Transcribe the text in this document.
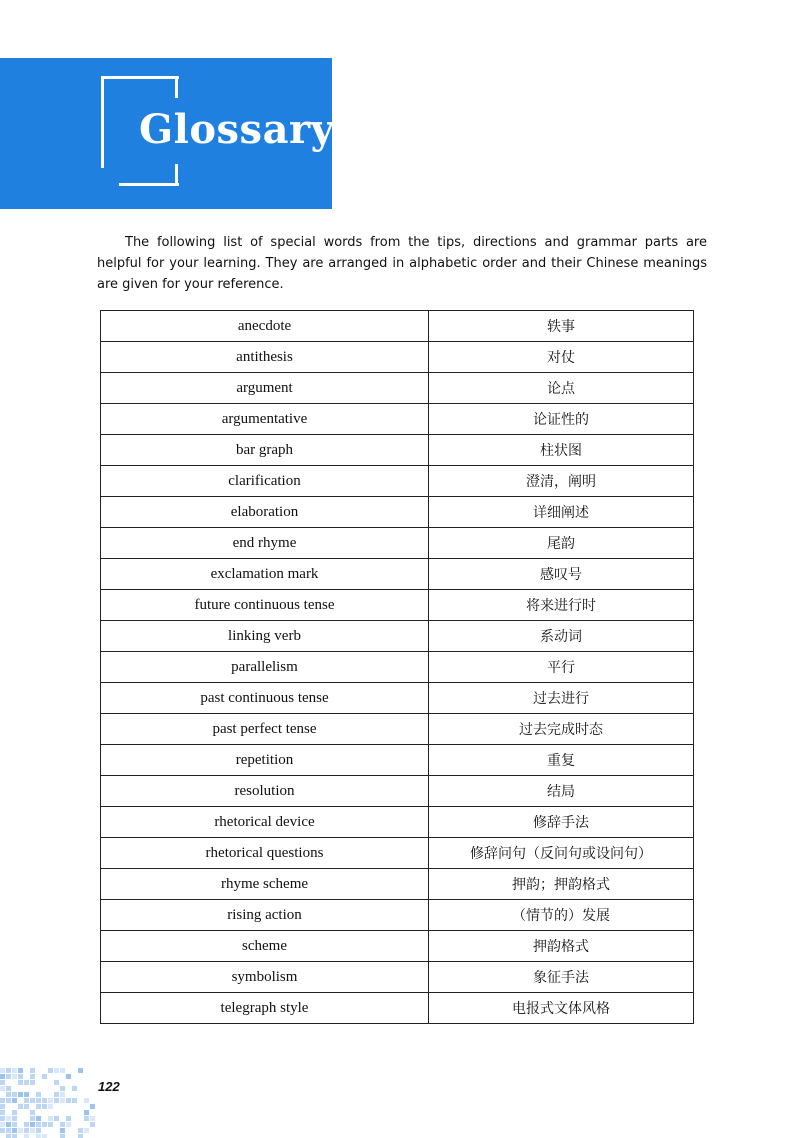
Glossary

The following list of special words from the tips, directions and grammar parts are helpful for your learning. They are arranged in alphabetic order and their Chinese meanings are given for your reference.

anecdote	轶事
antithesis	对仗
argument	论点
argumentative	论证性的
bar graph	柱状图
clarification	澄清，阐明
elaboration	详细阐述
end rhyme	尾韵
exclamation mark	感叹号
future continuous tense	将来进行时
linking verb	系动词
parallelism	平行
past continuous tense	过去进行
past perfect tense	过去完成时态
repetition	重复
resolution	结局
rhetorical device	修辞手法
rhetorical questions	修辞问句（反问句或设问句）
rhyme scheme	押韵；押韵格式
rising action	（情节的）发展
scheme	押韵格式
symbolism	象征手法
telegraph style	电报式文体风格
122
